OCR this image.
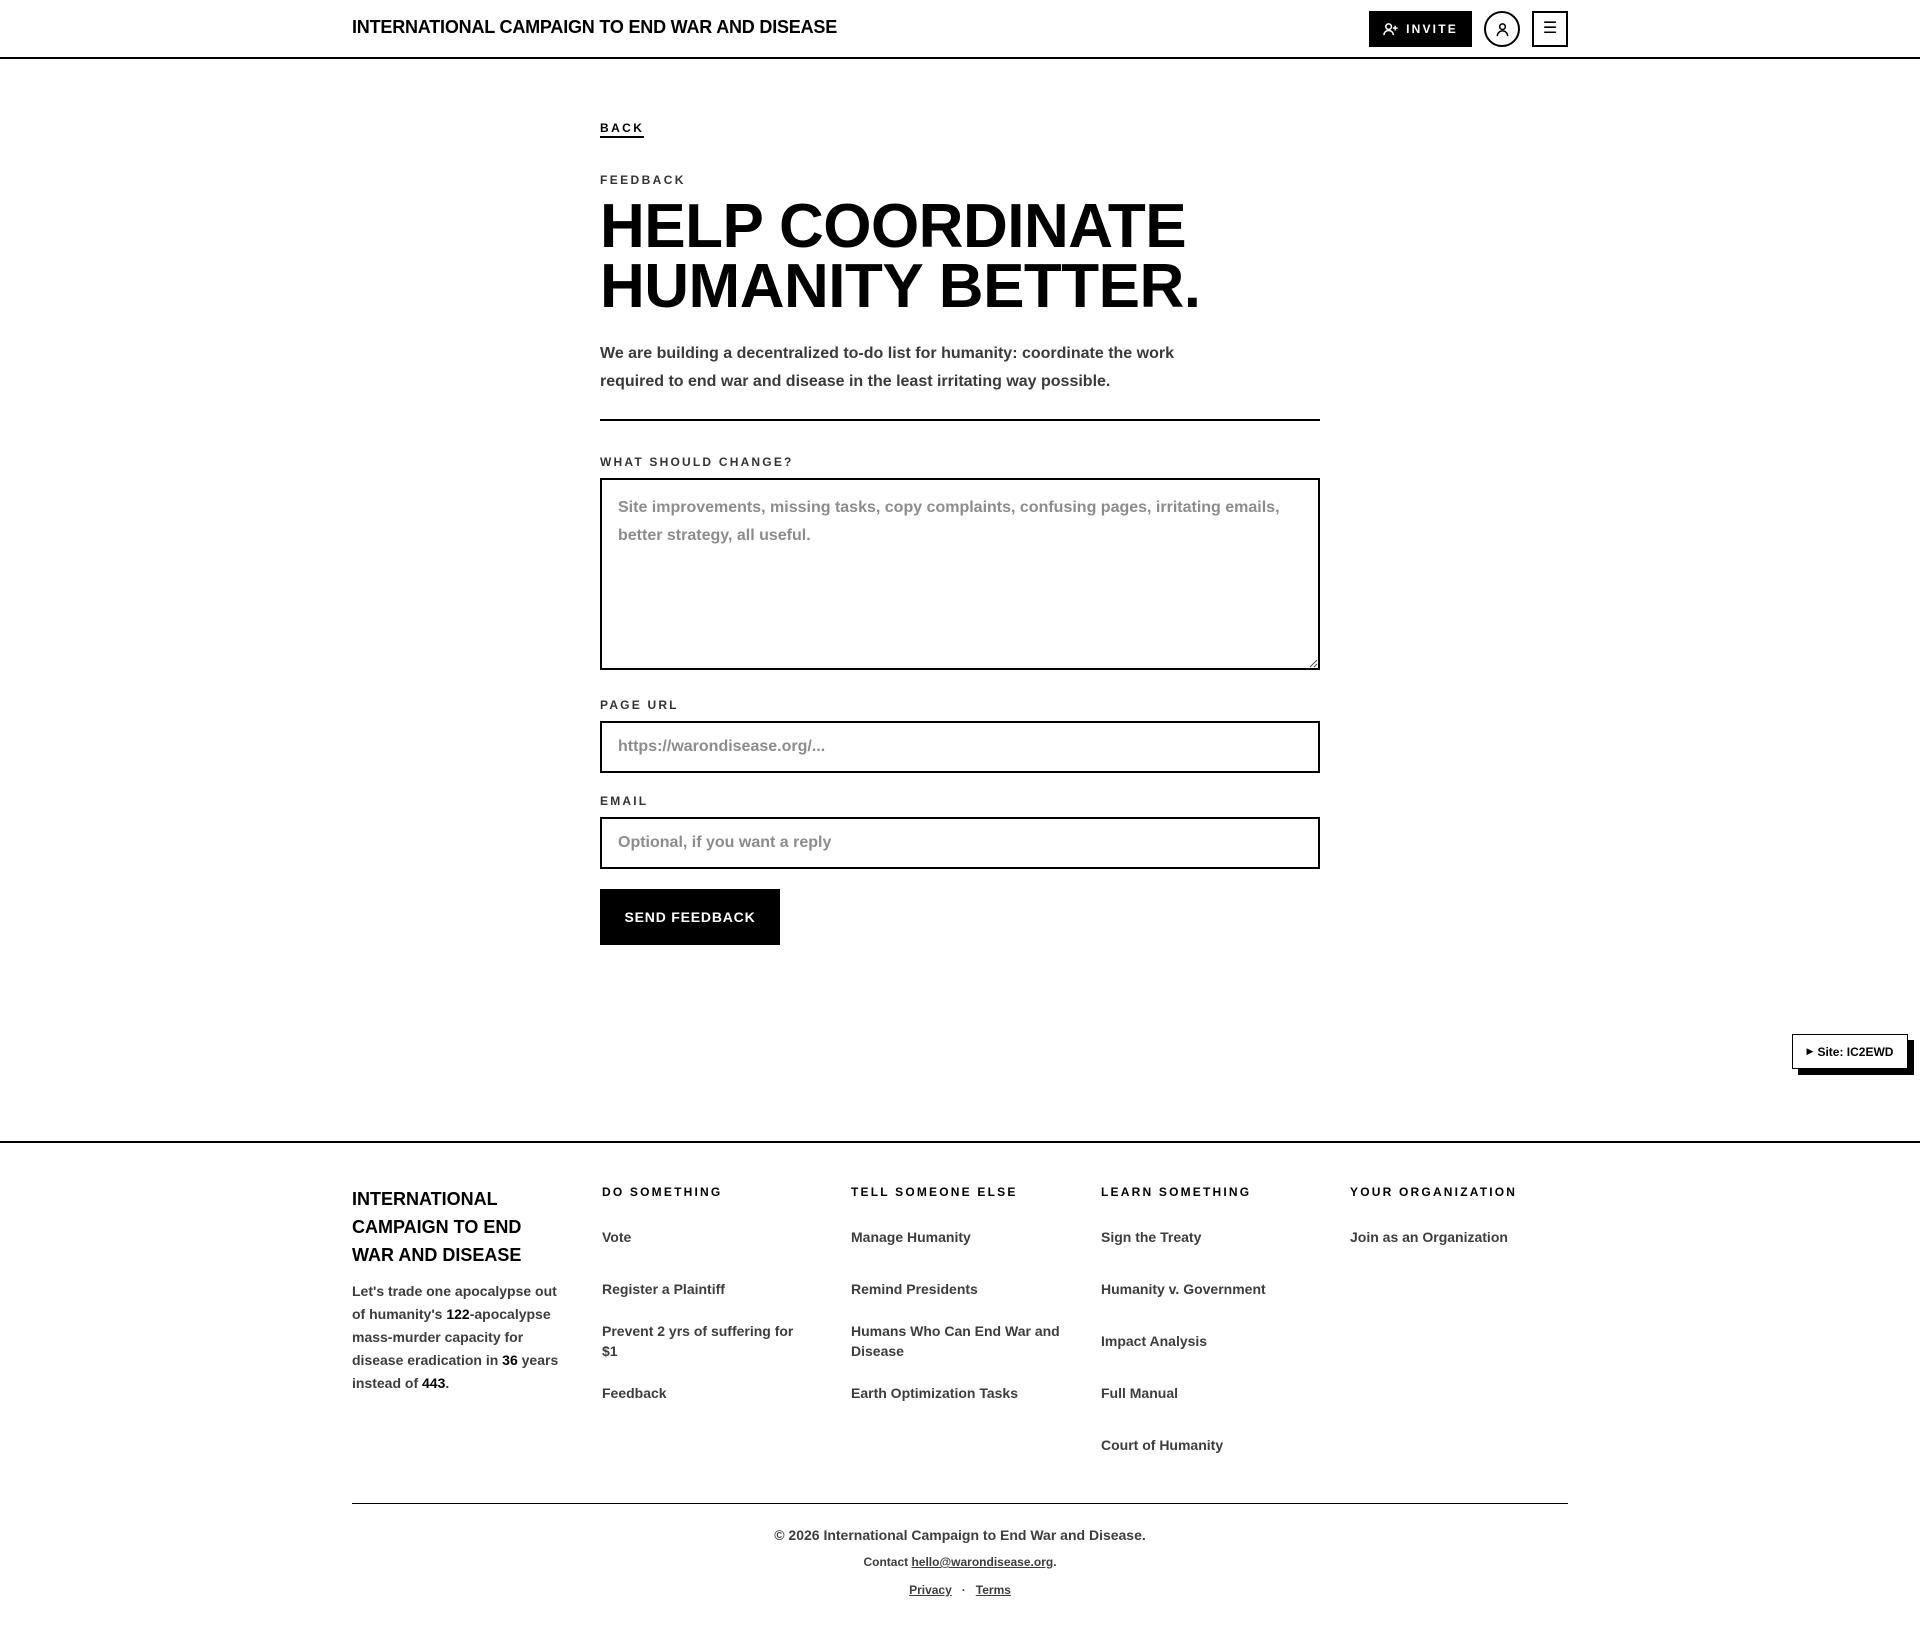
INTERNATIONAL CAMPAIGN TO END WAR AND DISEASE	INVITE	☰
BACK
FEEDBACK
HELP COORDINATE
HUMANITY BETTER.

We are building a decentralized to-do list for humanity: coordinate the work required to end war and disease in the least irritating way possible.

WHAT SHOULD CHANGE?
Site improvements, missing tasks, copy complaints, confusing pages, irritating emails, better strategy, all useful.
PAGE URL
https://warondisease.org/...
EMAIL
Optional, if you want a reply
SEND FEEDBACK
▶ Site: IC2EWD
INTERNATIONAL CAMPAIGN TO END WAR AND DISEASE

Let's trade one apocalypse out of humanity's 122-apocalypse mass-murder capacity for disease eradication in 36 years instead of 443.

DO SOMETHING
Vote
Register a Plaintiff
Prevent 2 yrs of suffering for $1
Feedback
TELL SOMEONE ELSE
Manage Humanity
Remind Presidents
Humans Who Can End War and Disease
Earth Optimization Tasks
LEARN SOMETHING
Sign the Treaty
Humanity v. Government
Impact Analysis
Full Manual
Court of Humanity
YOUR ORGANIZATION
Join as an Organization
© 2026 International Campaign to End War and Disease.
Contact hello@warondisease.org.
Privacy · Terms
